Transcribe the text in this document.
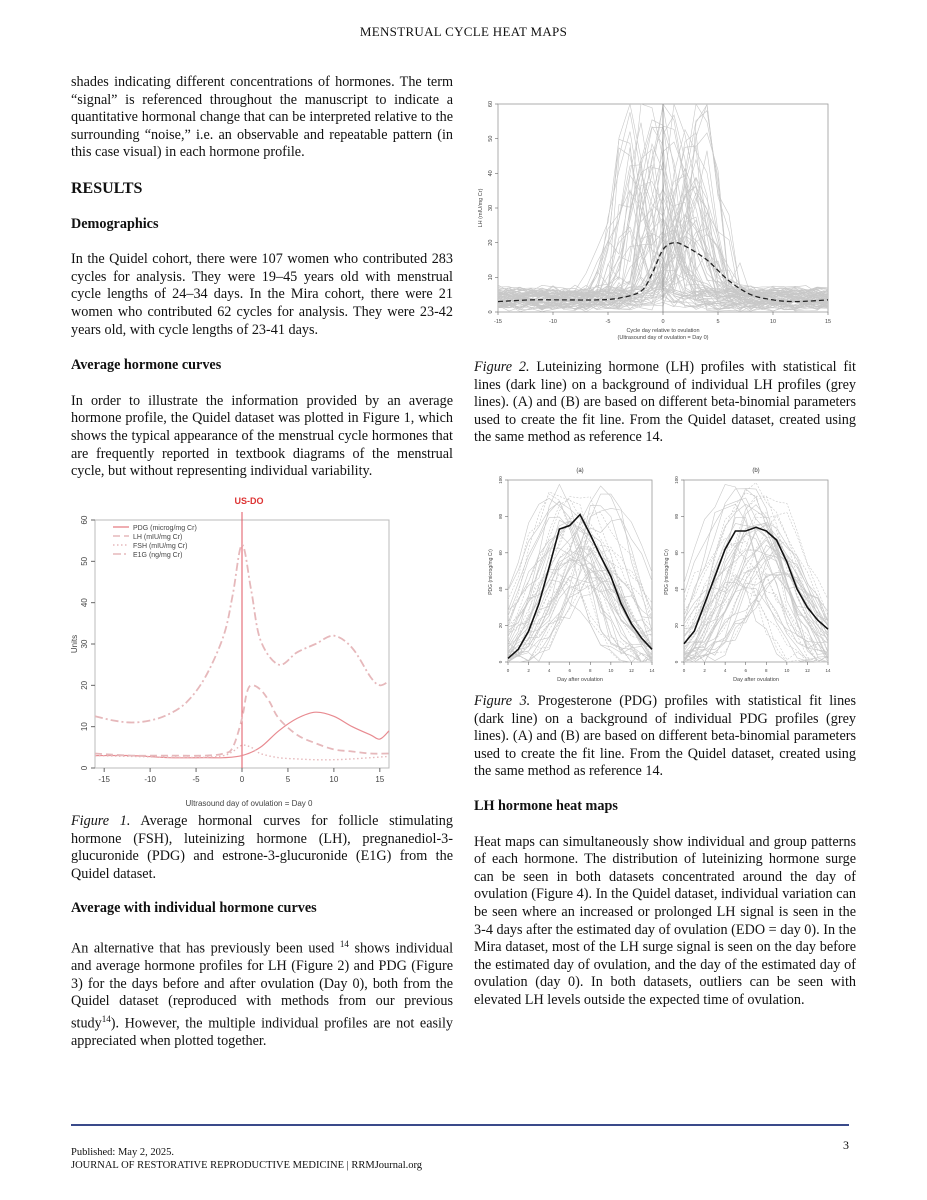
MENSTRUAL CYCLE HEAT MAPS

shades indicating different concentrations of hormones. The term “signal” is referenced throughout the manuscript to indicate a quantitative hormonal change that can be interpreted relative to the surrounding “noise,” i.e. an observable and repeatable pattern (in this case visual) in each hormone profile.

RESULTS
Demographics

In the Quidel cohort, there were 107 women who contributed 283 cycles for analysis. They were 19–45 years old with menstrual cycle lengths of 24–34 days. In the Mira cohort, there were 21 women who contributed 62 cycles for analysis. They were 23-42 years old, with cycle lengths of 23-41 days.

Average hormone curves

In order to illustrate the information provided by an average hormone profile, the Quidel dataset was plotted in Figure 1, which shows the typical appearance of the menstrual cycle hormones that are frequently reported in textbook diagrams of the menstrual cycle, but without representing individual variability.

US-DO
0
10
20
30
40
50
60
-15	-10	-5	0	5	10	15
Units
Ultrasound day of ovulation = Day 0
PDG (microg/mg Cr)
LH (mIU/mg Cr)
FSH (mIU/mg Cr)
E1G (ng/mg Cr)
Figure 1. Average hormonal curves for follicle stimulating hormone (FSH), luteinizing hormone (LH), pregnanediol-3-glucuronide (PDG) and estrone-3-glucuronide (E1G) from the Quidel dataset.
Average with individual hormone curves

An alternative that has previously been used $^{14}$ shows individual and average hormone profiles for LH (Figure 2) and PDG (Figure 3) for the days before and after ovulation (Day 0), both from the Quidel dataset (reproduced with methods from our previous study$^{14}$). However, the multiple individual profiles are not easily appreciated when plotted together.

0
10
20
30
40
50
60
-15	-10	-5	0	5	10	15
LH (mIU/mg Cr)
Cycle day relative to ovulation
(Ultrasound day of ovulation = Day 0)
Figure 2. Luteinizing hormone (LH) profiles with statistical fit lines (dark line) on a background of individual LH profiles (grey lines). (A) and (B) are based on different beta-binomial parameters used to create the fit line. From the Quidel dataset, created using the same method as reference 14.
(a)
0
20
40
60
80
100
0	2	4	6	8	10	12	14
PDG (microg/mg Cr)
Day after ovulation
(b)
0
20
40
60
80
100
0	2	4	6	8	10	12	14
PDG (microg/mg Cr)
Day after ovulation
Figure 3. Progesterone (PDG) profiles with statistical fit lines (dark line) on a background of individual PDG profiles (grey lines). (A) and (B) are based on different beta-binomial parameters used to create the fit line. From the Quidel dataset, created using the same method as reference 14.
LH hormone heat maps

Heat maps can simultaneously show individual and group patterns of each hormone. The distribution of luteinizing hormone surge can be seen in both datasets concentrated around the day of ovulation (Figure 4). In the Quidel dataset, individual variation can be seen where an increased or prolonged LH signal is seen in the 3-4 days after the estimated day of ovulation (EDO = day 0). In the Mira dataset, most of the LH surge signal is seen on the day before the estimated day of ovulation, and the day of the estimated day of ovulation (day 0). In both datasets, outliers can be seen with elevated LH levels outside the expected time of ovulation.

3
Published: May 2, 2025.
JOURNAL OF RESTORATIVE REPRODUCTIVE MEDICINE | RRMJournal.org
